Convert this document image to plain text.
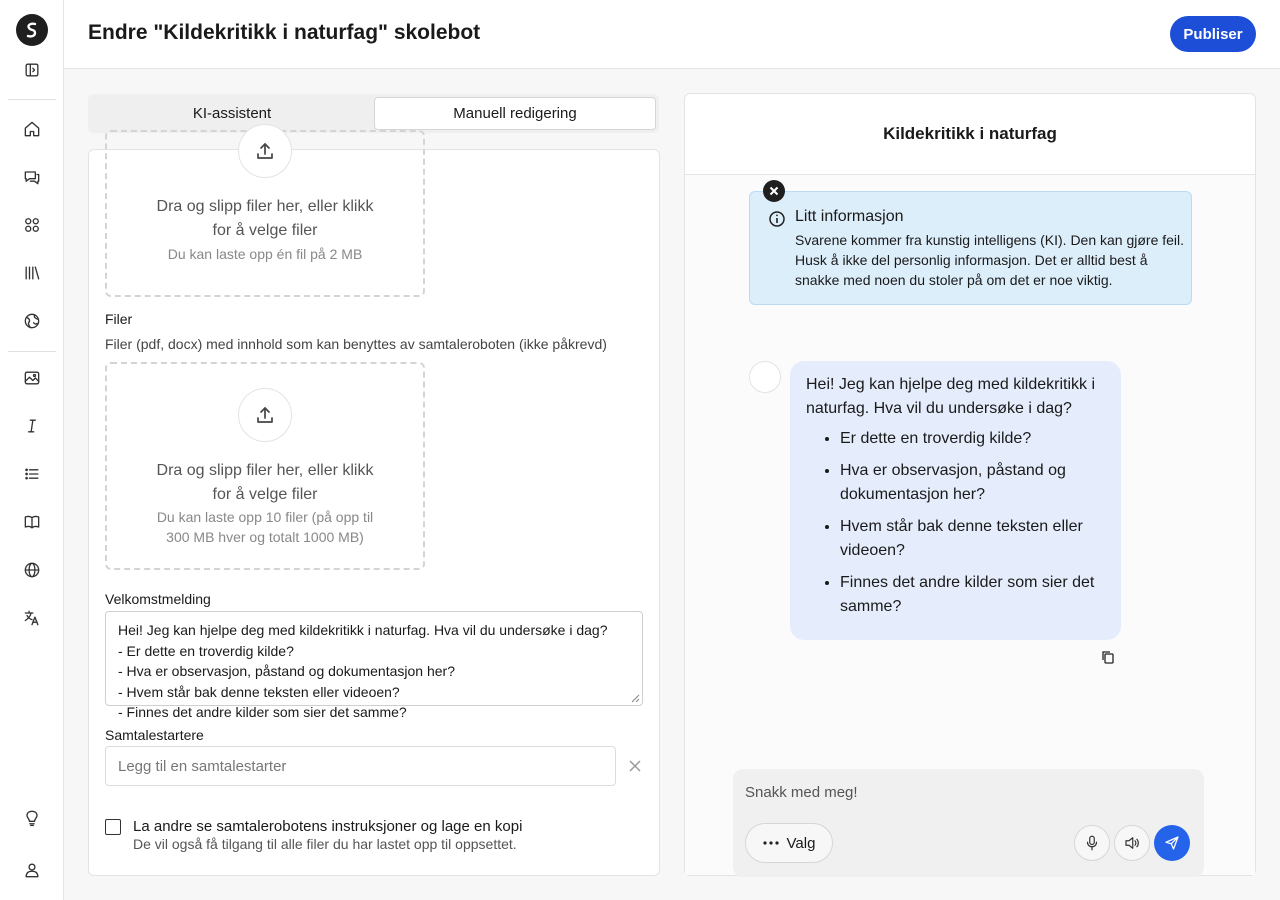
Endre "Kildekritikk i naturfag" skolebot	Publiser
KI-assistent	Manuell redigering
Dra og slipp filer her, eller klikk
for å velge filer
Du kan laste opp én fil på 2 MB
Filer
Filer (pdf, docx) med innhold som kan benyttes av samtaleroboten (ikke påkrevd)
Dra og slipp filer her, eller klikk
for å velge filer
Du kan laste opp 10 filer (på opp til
300 MB hver og totalt 1000 MB)
Velkomstmelding
Hei! Jeg kan hjelpe deg med kildekritikk i naturfag. Hva vil du undersøke i dag?
- Er dette en troverdig kilde?
- Hva er observasjon, påstand og dokumentasjon her?
- Hvem står bak denne teksten eller videoen?
- Finnes det andre kilder som sier det samme?
Samtalestartere
Legg til en samtalestarter
La andre se samtalerobotens instruksjoner og lage en kopi
De vil også få tilgang til alle filer du har lastet opp til oppsettet.
Kildekritikk i naturfag
Litt informasjon
Svarene kommer fra kunstig intelligens (KI). Den kan gjøre feil. Husk å ikke del personlig informasjon. Det er alltid best å snakke med noen du stoler på om det er noe viktig.
Hei! Jeg kan hjelpe deg med kildekritikk i naturfag. Hva vil du undersøke i dag?
• Er dette en troverdig kilde?
• Hva er observasjon, påstand og dokumentasjon her?
• Hvem står bak denne teksten eller videoen?
• Finnes det andre kilder som sier det samme?
Snakk med meg!
Valg
